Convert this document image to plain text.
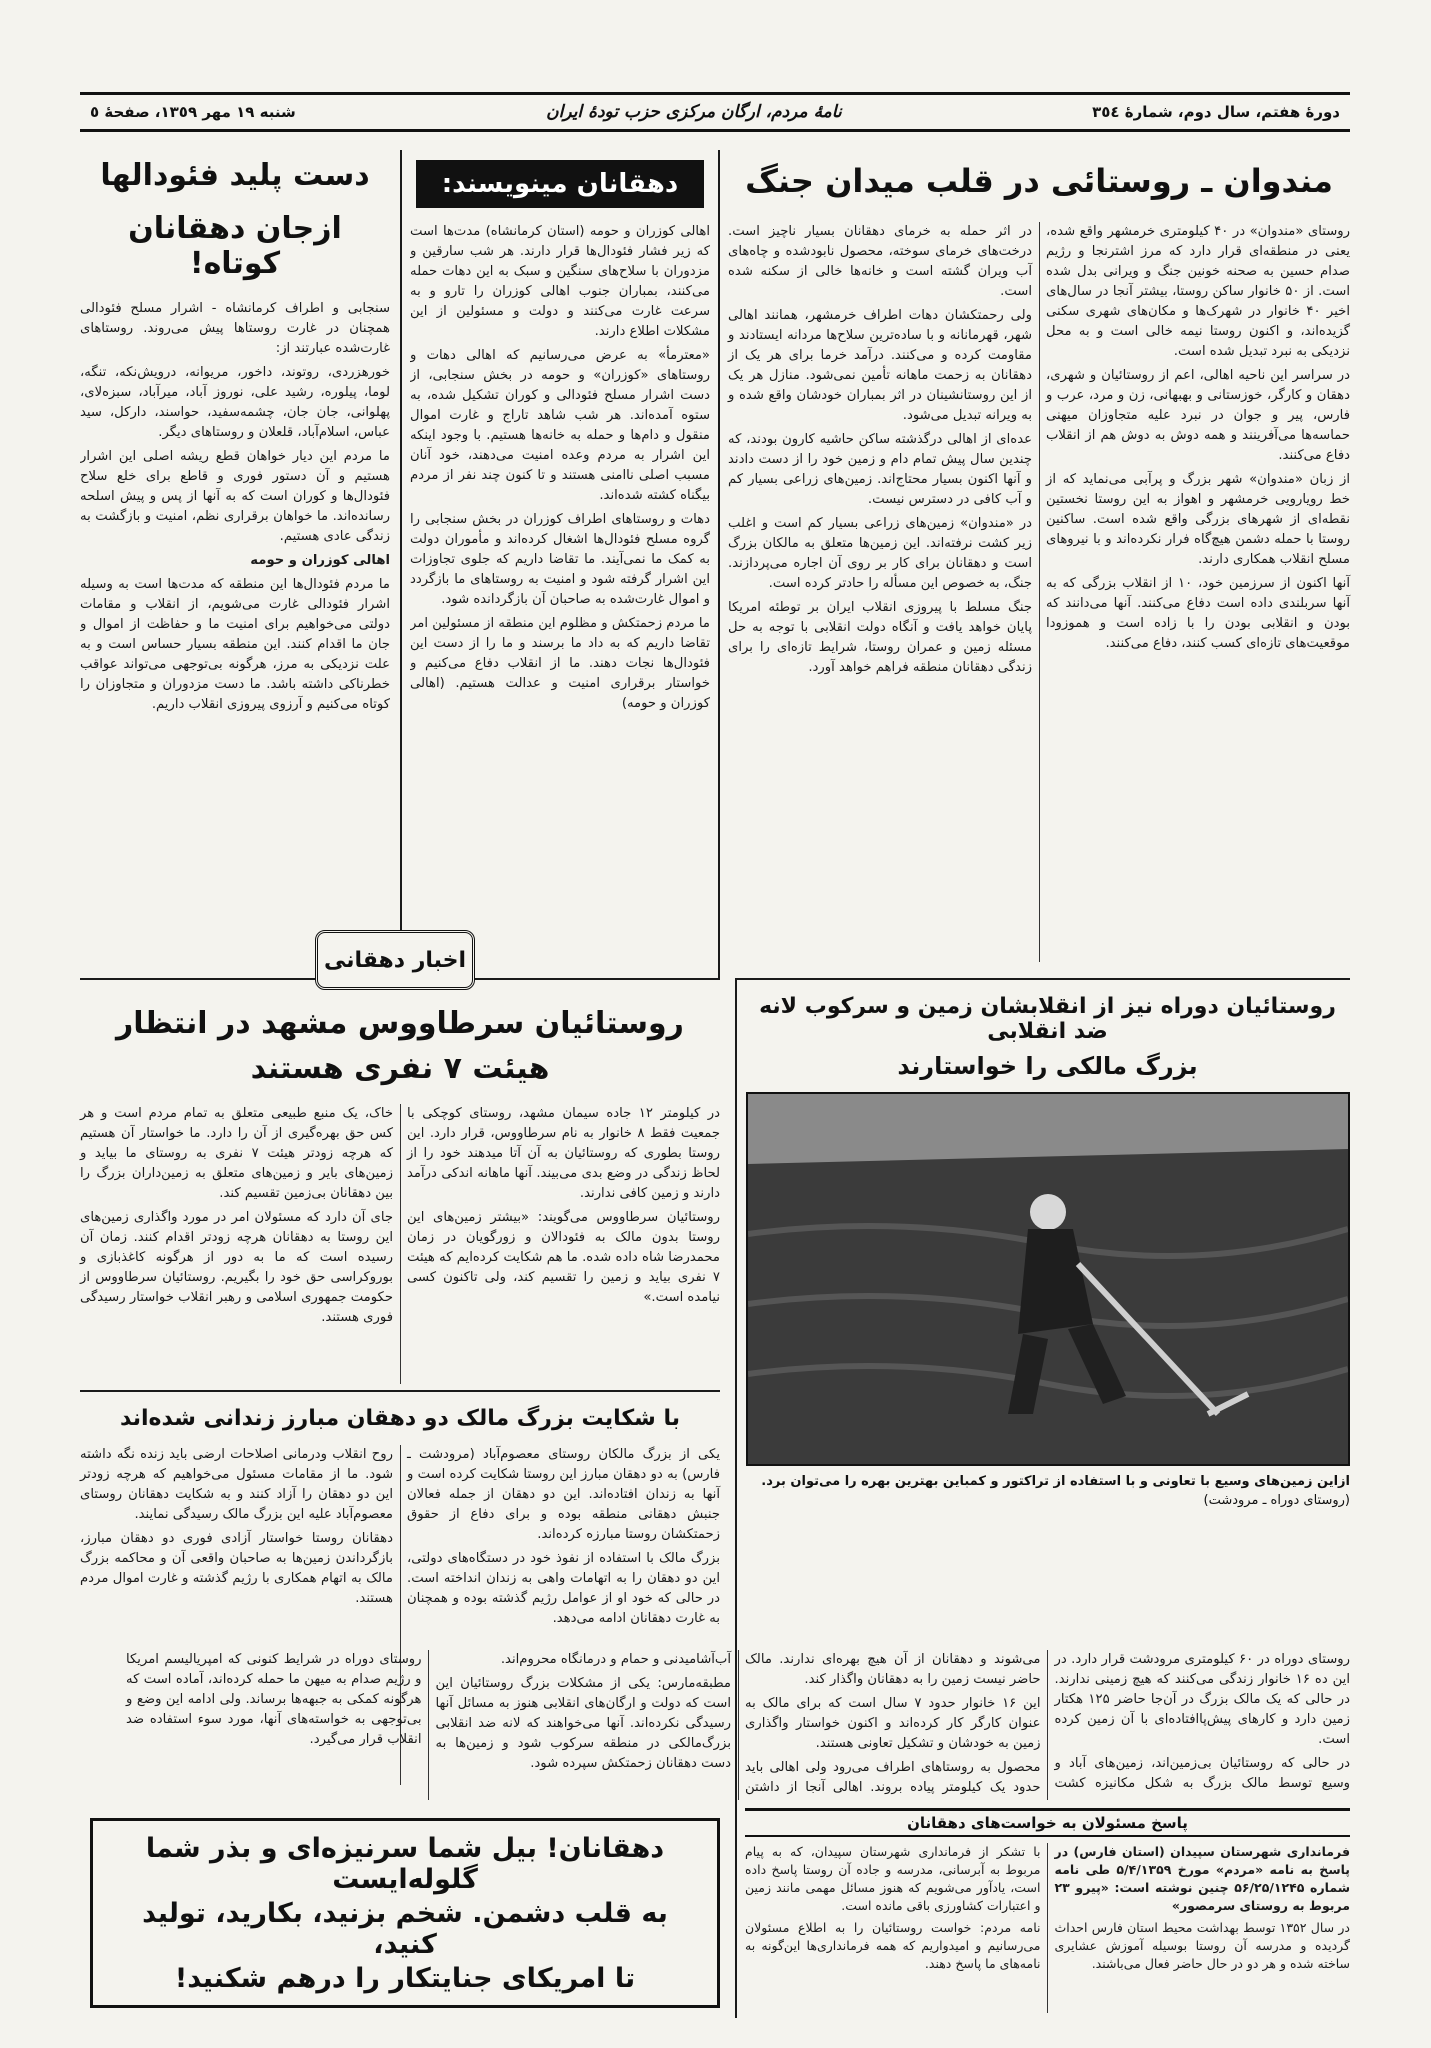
دورهٔ هفتم، سال دوم، شمارهٔ ٣٥٤
نامهٔ مردم، ارگان مرکزی حزب تودهٔ ایران
شنبه ١٩ مهر ١٣٥٩، صفحهٔ ٥
مندوان ـ روستائی در قلب میدان جنگ

روستای «مندوان» در ۴۰ کیلومتری خرمشهر واقع شده، یعنی در منطقه‌ای قرار دارد که مرز اشترنجا و رژیم صدام حسین به صحنه خونین جنگ و ویرانی بدل شده است. از ۵۰ خانوار ساکن روستا، بیشتر آنجا در سال‌های اخیر ۴۰ خانوار در شهرک‌ها و مکان‌های شهری سکنی گزیده‌اند، و اکنون روستا نیمه خالی است و به محل نزدیکی به نبرد تبدیل شده است.

در سراسر این ناحیه اهالی، اعم از روستائیان و شهری، دهقان و کارگر، خوزستانی و بهبهانی، زن و مرد، عرب و فارس، پیر و جوان در نبرد علیه متجاوزان میهنی حماسه‌ها می‌آفرینند و همه دوش به دوش هم از انقلاب دفاع می‌کنند.

از زبان «مندوان» شهر بزرگ و پرآبی می‌نماید که از خط رویارویی خرمشهر و اهواز به این روستا نخستین نقطه‌ای از شهرهای بزرگی واقع شده است. ساکنین روستا با حمله دشمن هیچ‌گاه فرار نکرده‌اند و با نیروهای مسلح انقلاب همکاری دارند.

آنها اکنون از سرزمین خود، ۱۰ از انقلاب بزرگی که به آنها سربلندی داده است دفاع می‌کنند. آنها می‌دانند که بودن و انقلابی بودن را با زاده است و هموزودا موقعیت‌های تازه‌ای کسب کنند، دفاع می‌کنند.

در اثر حمله به خرمای دهقانان بسیار ناچیز است. درخت‌های خرمای سوخته، محصول نابودشده و چاه‌های آب ویران گشته است و خانه‌ها خالی از سکنه شده است.

ولی رحمتکشان دهات اطراف خرمشهر، همانند اهالی شهر، قهرمانانه و با ساده‌ترین سلاح‌ها مردانه ایستادند و مقاومت کرده و می‌کنند. درآمد خرما برای هر یک از دهقانان به زحمت ماهانه تأمین نمی‌شود. منازل هر یک از این روستانشینان در اثر بمباران خودشان واقع شده و به ویرانه تبدیل می‌شود.

عده‌ای از اهالی درگذشته ساکن حاشیه کارون بودند، که چندین سال پیش تمام دام و زمین خود را از دست دادند و آنها اکنون بسیار محتاج‌اند. زمین‌های زراعی بسیار کم و آب کافی در دسترس نیست.

در «مندوان» زمین‌های زراعی بسیار کم است و اغلب زیر کشت نرفته‌اند. این زمین‌ها متعلق به مالکان بزرگ است و دهقانان برای کار بر روی آن اجاره می‌پردازند. جنگ، به خصوص این مسأله را حادتر کرده است.

جنگ مسلط با پیروزی انقلاب ایران بر توطئه امریکا پایان خواهد یافت و آنگاه دولت انقلابی با توجه به حل مسئله زمین و عمران روستا، شرایط تازه‌ای را برای زندگی دهقانان منطقه فراهم خواهد آورد.

دهقانان مینویسند:

اهالی کوزران و حومه (استان کرمانشاه) مدت‌ها است که زیر فشار فئودال‌ها قرار دارند. هر شب سارقین و مزدوران با سلاح‌های سنگین و سبک به این دهات حمله می‌کنند، بمباران جنوب اهالی کوزران را تارو و به سرعت غارت می‌کنند و دولت و مسئولین از این مشکلات اطلاع دارند.

«معترمأ» به عرض می‌رسانیم که اهالی دهات و روستاهای «کوزران» و حومه در بخش سنجابی، از دست اشرار مسلح فئودالی و کوران تشکیل شده، به ستوه آمده‌اند. هر شب شاهد تاراج و غارت اموال منقول و دام‌ها و حمله به خانه‌ها هستیم. با وجود اینکه این اشرار به مردم وعده امنیت می‌دهند، خود آنان مسبب اصلی ناامنی هستند و تا کنون چند نفر از مردم بیگناه کشته شده‌اند.

دهات و روستاهای اطراف کوزران در بخش سنجابی را گروه مسلح فئودال‌ها اشغال کرده‌اند و مأموران دولت به کمک ما نمی‌آیند. ما تقاضا داریم که جلوی تجاوزات این اشرار گرفته شود و امنیت به روستاهای ما بازگردد و اموال غارت‌شده به صاحبان آن بازگردانده شود.

ما مردم زحمتکش و مظلوم این منطقه از مسئولین امر تقاضا داریم که به داد ما برسند و ما را از دست این فئودال‌ها نجات دهند. ما از انقلاب دفاع می‌کنیم و خواستار برقراری امنیت و عدالت هستیم. (اهالی کوزران و حومه)

دست پلید فئودالها
ازجان دهقانان کوتاه!

سنجابی و اطراف کرمانشاه - اشرار مسلح فئودالی همچنان در غارت روستاها پیش می‌روند. روستاهای غارت‌شده عبارتند از:

خورهزردی، روتوند، داخور، مریوانه، درویش‌نکه، تنگه، لوما، پیلوره، رشید علی، نوروز آباد، میرآباد، سبزه‌لای، پهلوانی، جان جان، چشمه‌سفید، حواسند، دارکل، سید عباس، اسلام‌آباد، قلعلان و روستاهای دیگر.

ما مردم این دیار خواهان قطع ریشه اصلی این اشرار هستیم و آن دستور فوری و قاطع برای خلع سلاح فئودال‌ها و کوران است که به آنها از پس و پیش اسلحه رسانده‌اند. ما خواهان برقراری نظم، امنیت و بازگشت به زندگی عادی هستیم.

اهالی کوزران و حومه

ما مردم فئودال‌ها این منطقه که مدت‌ها است به وسیله اشرار فئودالی غارت می‌شویم، از انقلاب و مقامات دولتی می‌خواهیم برای امنیت ما و حفاظت از اموال و جان ما اقدام کنند. این منطقه بسیار حساس است و به علت نزدیکی به مرز، هرگونه بی‌توجهی می‌تواند عواقب خطرناکی داشته باشد. ما دست مزدوران و متجاوزان را کوتاه می‌کنیم و آرزوی پیروزی انقلاب داریم.

اخبار دهقانی
روستائیان سرطاووس مشهد در انتظار
هیئت ۷ نفری هستند

در کیلومتر ۱۲ جاده سیمان مشهد، روستای کوچکی با جمعیت فقط ۸ خانوار به نام سرطاووس، قرار دارد. این روستا بطوری که روستائیان به آن آتا میدهند خود را از لحاظ زندگی در وضع بدی می‌بیند. آنها ماهانه اندکی درآمد دارند و زمین کافی ندارند.

روستائیان سرطاووس می‌گویند: «بیشتر زمین‌های این روستا بدون مالک به فئودالان و زورگویان در زمان محمدرضا شاه داده شده. ما هم شکایت کرده‌ایم که هیئت ۷ نفری بیاید و زمین را تقسیم کند، ولی تاکنون کسی نیامده است.»

خاک، یک منبع طبیعی متعلق به تمام مردم است و هر کس حق بهره‌گیری از آن را دارد. ما خواستار آن هستیم که هرچه زودتر هیئت ۷ نفری به روستای ما بیاید و زمین‌های بایر و زمین‌های متعلق به زمین‌داران بزرگ را بین دهقانان بی‌زمین تقسیم کند.

جای آن دارد که مسئولان امر در مورد واگذاری زمین‌های این روستا به دهقانان هرچه زودتر اقدام کنند. زمان آن رسیده است که ما به دور از هرگونه کاغذبازی و بوروکراسی حق خود را بگیریم. روستائیان سرطاووس از حکومت جمهوری اسلامی و رهبر انقلاب خواستار رسیدگی فوری هستند.

با شکایت بزرگ مالک دو دهقان مبارز زندانی شده‌اند

یکی از بزرگ مالکان روستای معصوم‌آباد (مرودشت ـ فارس) به دو دهقان مبارز این روستا شکایت کرده است و آنها به زندان افتاده‌اند. این دو دهقان از جمله فعالان جنبش دهقانی منطقه بوده و برای دفاع از حقوق زحمتکشان روستا مبارزه کرده‌اند.

بزرگ مالک با استفاده از نفوذ خود در دستگاه‌های دولتی، این دو دهقان را به اتهامات واهی به زندان انداخته است. در حالی که خود او از عوامل رژیم گذشته بوده و همچنان به غارت دهقانان ادامه می‌دهد.

روح انقلاب ودرمانی اصلاحات ارضی باید زنده نگه داشته شود. ما از مقامات مسئول می‌خواهیم که هرچه زودتر این دو دهقان را آزاد کنند و به شکایت دهقانان روستای معصوم‌آباد علیه این بزرگ مالک رسیدگی نمایند.

دهقانان روستا خواستار آزادی فوری دو دهقان مبارز، بازگرداندن زمین‌ها به صاحبان واقعی آن و محاکمه بزرگ مالک به اتهام همکاری با رژیم گذشته و غارت اموال مردم هستند.

دهقانان! بیل شما سرنیزه‌ای و بذر شما گلوله‌ایست
به قلب دشمن. شخم بزنید، بکارید، تولید کنید،
تا امریکای جنایتکار را درهم شکنید!
روستائیان دوراه نیز از انقلابشان زمین و سرکوب لانه ضد انقلابی
بزرگ مالکی را خواستارند
ازاین زمین‌های وسیع با تعاونی و با استفاده از تراکتور و کمباین بهترین بهره را می‌توان برد.
(روستای دوراه ـ مرودشت)

روستای دوراه در ۶۰ کیلومتری مرودشت قرار دارد. در این ده ۱۶ خانوار زندگی می‌کنند که هیچ زمینی ندارند. در حالی که یک مالک بزرگ در آن‌جا حاضر ۱۲۵ هکتار زمین دارد و کارهای پیش‌پاافتاده‌ای با آن زمین کرده است.

در حالی که روستائیان بی‌زمین‌اند، زمین‌های آباد و وسیع توسط مالک بزرگ به شکل مکانیزه کشت می‌شوند و دهقانان از آن هیچ بهره‌ای ندارند. مالک حاضر نیست زمین را به دهقانان واگذار کند.

این ۱۶ خانوار حدود ۷ سال است که برای مالک به عنوان کارگر کار کرده‌اند و اکنون خواستار واگذاری زمین به خودشان و تشکیل تعاونی هستند.

محصول به روستاهای اطراف می‌رود ولی اهالی باید حدود یک کیلومتر پیاده بروند. اهالی آنجا از داشتن آب‌آشامیدنی و حمام و درمانگاه محروم‌اند.

مطبقه‌مارس: یکی از مشکلات بزرگ روستائیان این است که دولت و ارگان‌های انقلابی هنوز به مسائل آنها رسیدگی نکرده‌اند. آنها می‌خواهند که لانه ضد انقلابی بزرگ‌مالکی در منطقه سرکوب شود و زمین‌ها به دست دهقانان زحمتکش سپرده شود.

روستای دوراه در شرایط کنونی که امپریالیسم امریکا و رژیم صدام به میهن ما حمله کرده‌اند، آماده است که هرگونه کمکی به جبهه‌ها برساند. ولی ادامه این وضع و بی‌توجهی به خواسته‌های آنها، مورد سوء استفاده ضد انقلاب قرار می‌گیرد.

پاسخ مسئولان به خواست‌های دهقانان

فرمانداری شهرستان سپیدان (استان فارس) در پاسخ به نامه «مردم» مورخ ۵/۴/۱۳۵۹ طی نامه شماره ۵۶/۲۵/۱۲۴۵ چنین نوشته است: «پیرو ۲۳ مربوط به روستای سرمصور»

در سال ۱۳۵۲ توسط بهداشت محیط استان فارس احداث گردیده و مدرسه آن روستا بوسیله آموزش عشایری ساخته شده و هر دو در حال حاضر فعال می‌باشند.

با تشکر از فرمانداری شهرستان سپیدان، که به پیام مربوط به آبرسانی، مدرسه و جاده آن روستا پاسخ داده است، یادآور می‌شویم که هنوز مسائل مهمی مانند زمین و اعتبارات کشاورزی باقی مانده است.

نامه مردم: خواست روستائیان را به اطلاع مسئولان می‌رسانیم و امیدواریم که همه فرمانداری‌ها این‌گونه به نامه‌های ما پاسخ دهند.
